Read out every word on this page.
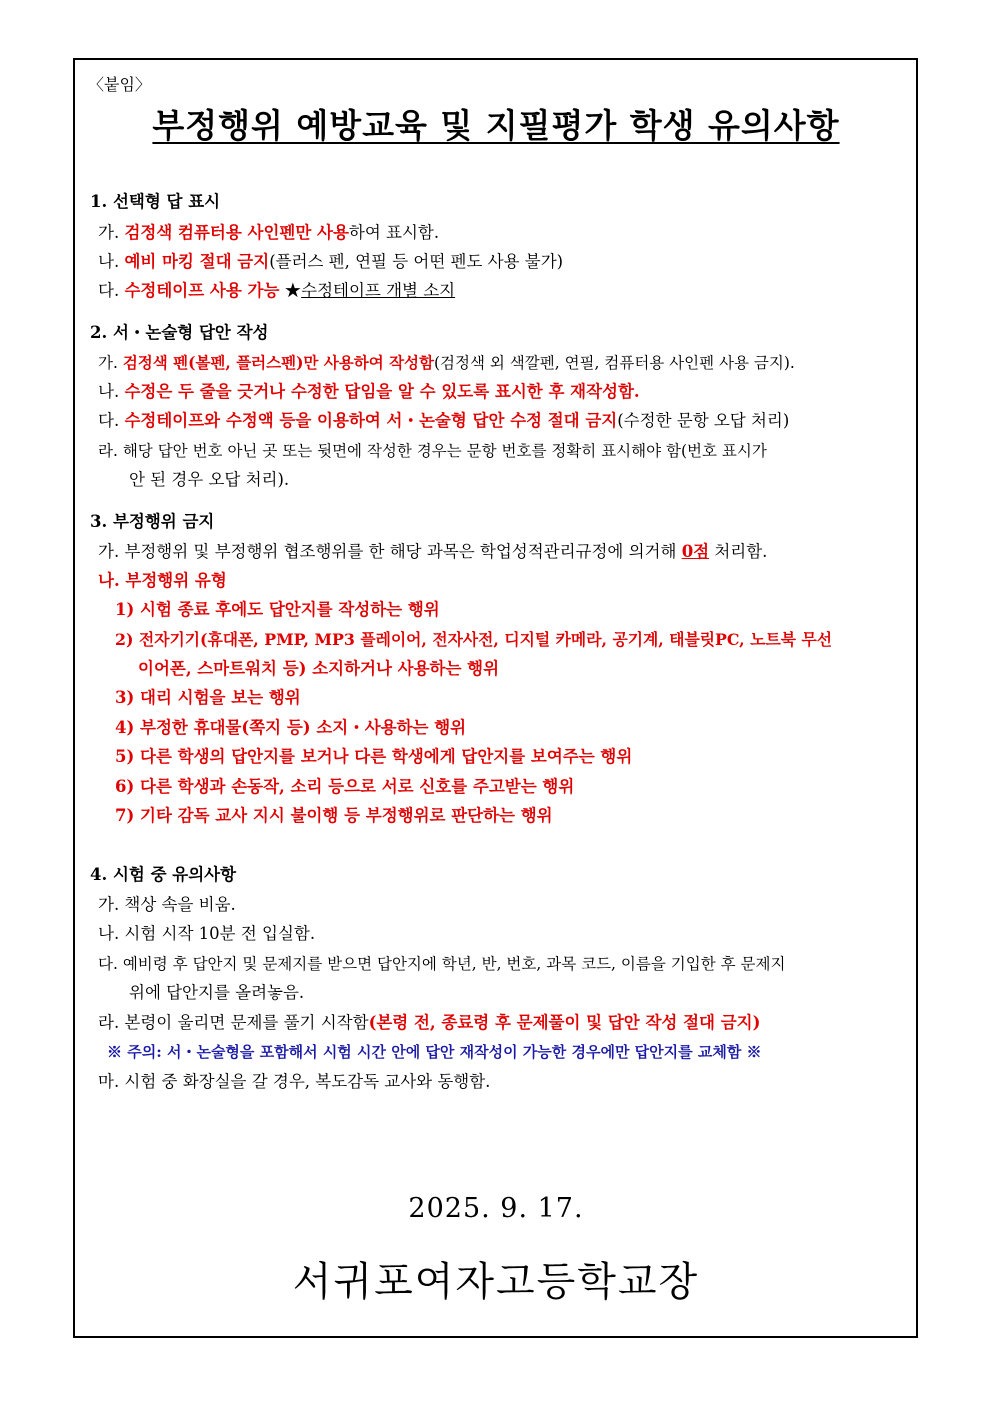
〈붙임〉
부정행위 예방교육 및 지필평가 학생 유의사항
1. 선택형 답 표시
가. 검정색 컴퓨터용 사인펜만 사용하여 표시함.
나. 예비 마킹 절대 금지(플러스 펜, 연필 등 어떤 펜도 사용 불가)
다. 수정테이프 사용 가능 ★수정테이프 개별 소지
2. 서・논술형 답안 작성
가. 검정색 펜(볼펜, 플러스펜)만 사용하여 작성함(검정색 외 색깔펜, 연필, 컴퓨터용 사인펜 사용 금지).
나. 수정은 두 줄을 긋거나 수정한 답임을 알 수 있도록 표시한 후 재작성함.
다. 수정테이프와 수정액 등을 이용하여 서・논술형 답안 수정 절대 금지(수정한 문항 오답 처리)
라. 해당 답안 번호 아닌 곳 또는 뒷면에 작성한 경우는 문항 번호를 정확히 표시해야 함(번호 표시가
안 된 경우 오답 처리).
3. 부정행위 금지
가. 부정행위 및 부정행위 협조행위를 한 해당 과목은 학업성적관리규정에 의거해 0점 처리함.
나. 부정행위 유형
1) 시험 종료 후에도 답안지를 작성하는 행위
2) 전자기기(휴대폰, PMP, MP3 플레이어, 전자사전, 디지털 카메라, 공기계, 태블릿PC, 노트북 무선
이어폰, 스마트워치 등) 소지하거나 사용하는 행위
3) 대리 시험을 보는 행위
4) 부정한 휴대물(쪽지 등) 소지・사용하는 행위
5) 다른 학생의 답안지를 보거나 다른 학생에게 답안지를 보여주는 행위
6) 다른 학생과 손동작, 소리 등으로 서로 신호를 주고받는 행위
7) 기타 감독 교사 지시 불이행 등 부정행위로 판단하는 행위
4. 시험 중 유의사항
가. 책상 속을 비움.
나. 시험 시작 10분 전 입실함.
다. 예비령 후 답안지 및 문제지를 받으면 답안지에 학년, 반, 번호, 과목 코드, 이름을 기입한 후 문제지
위에 답안지를 올려놓음.
라. 본령이 울리면 문제를 풀기 시작함(본령 전, 종료령 후 문제풀이 및 답안 작성 절대 금지)
※ 주의: 서・논술형을 포함해서 시험 시간 안에 답안 재작성이 가능한 경우에만 답안지를 교체함 ※
마. 시험 중 화장실을 갈 경우, 복도감독 교사와 동행함.
2025. 9. 17.
서귀포여자고등학교장
